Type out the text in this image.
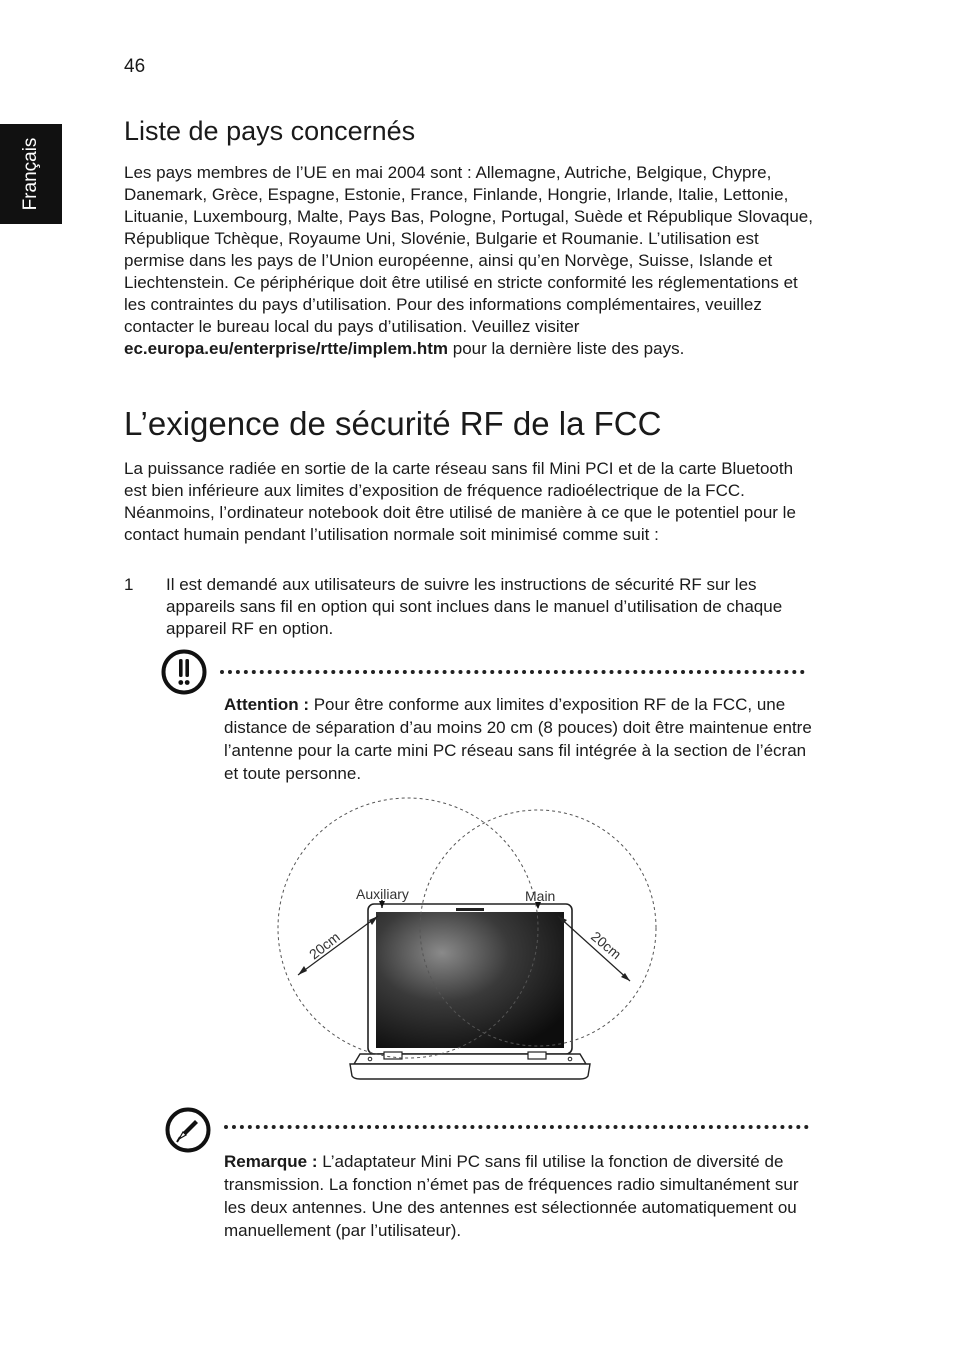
46
Français
Liste de pays concernés

Les pays membres de l’UE en mai 2004 sont : Allemagne, Autriche, Belgique, Chypre, Danemark, Grèce, Espagne, Estonie, France, Finlande, Hongrie, Irlande, Italie, Lettonie, Lituanie, Luxembourg, Malte, Pays Bas, Pologne, Portugal, Suède et République Slovaque, République Tchèque, Royaume Uni, Slovénie, Bulgarie et Roumanie. L’utilisation est permise dans les pays de l’Union européenne, ainsi qu’en Norvège, Suisse, Islande et Liechtenstein. Ce périphérique doit être utilisé en stricte conformité les réglementations et les contraintes du pays d’utilisation. Pour des informations complémentaires, veuillez contacter le bureau local du pays d’utilisation. Veuillez visiter ec.europa.eu/enterprise/rtte/implem.htm pour la dernière liste des pays.

L’exigence de sécurité RF de la FCC

La puissance radiée en sortie de la carte réseau sans fil Mini PCI et de la carte Bluetooth est bien inférieure aux limites d’exposition de fréquence radioélectrique de la FCC. Néanmoins, l’ordinateur notebook doit être utilisé de manière à ce que le potentiel pour le contact humain pendant l’utilisation normale soit minimisé comme suit :

1 Il est demandé aux utilisateurs de suivre les instructions de sécurité RF sur les appareils sans fil en option qui sont inclues dans le manuel d’utilisation de chaque appareil RF en option.

Attention : Pour être conforme aux limites d’exposition RF de la FCC, une distance de séparation d’au moins 20 cm (8 pouces) doit être maintenue entre l’antenne pour la carte mini PC réseau sans fil intégrée à la section de l’écran et toute personne.

Auxiliary	Main
20cm	20cm

Remarque : L’adaptateur Mini PC sans fil utilise la fonction de diversité de transmission. La fonction n’émet pas de fréquences radio simultanément sur les deux antennes. Une des antennes est sélectionnée automatiquement ou manuellement (par l’utilisateur).
